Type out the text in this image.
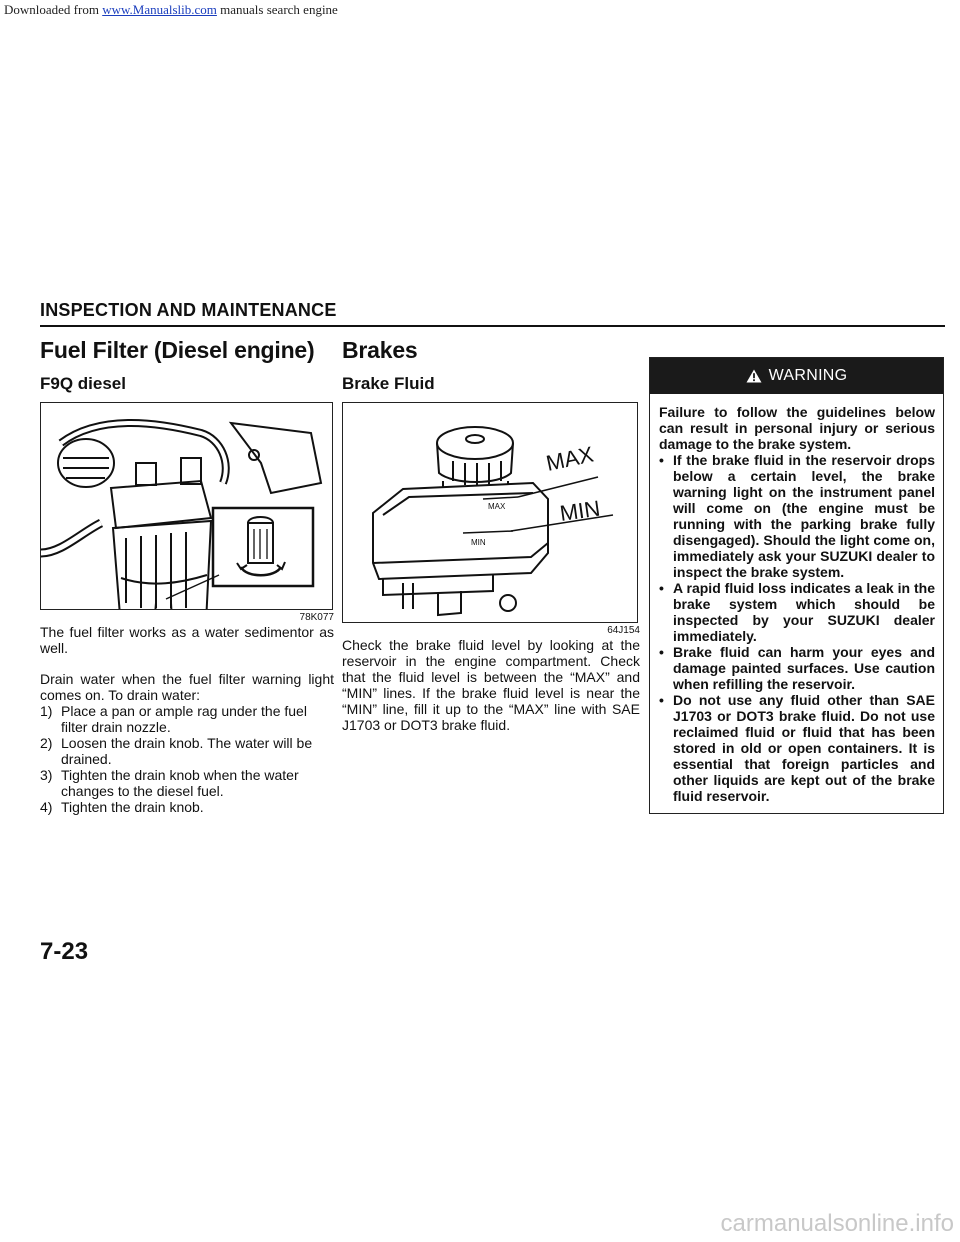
Downloaded from www.Manualslib.com manuals search engine
INSPECTION AND MAINTENANCE
Fuel Filter (Diesel engine)
F9Q diesel
78K077

The fuel filter works as a water sedimentor as well.

Drain water when the fuel filter warning light comes on. To drain water:

1) Place a pan or ample rag under the fuel filter drain nozzle.
2) Loosen the drain knob. The water will be drained.
3) Tighten the drain knob when the water changes to the diesel fuel.
4) Tighten the drain knob.
Brakes
Brake Fluid
MAX
MIN
MAX
MIN
64J154

Check the brake fluid level by looking at the reservoir in the engine compartment. Check that the fluid level is between the “MAX” and “MIN” lines. If the brake fluid level is near the “MIN” line, fill it up to the “MAX” line with SAE J1703 or DOT3 brake fluid.

WARNING
Failure to follow the guidelines below can result in personal injury or serious damage to the brake system.
• If the brake fluid in the reservoir drops below a certain level, the brake warning light on the instrument panel will come on (the engine must be running with the parking brake fully disengaged). Should the light come on, immediately ask your SUZUKI dealer to inspect the brake system.
• A rapid fluid loss indicates a leak in the brake system which should be inspected by your SUZUKI dealer immediately.
• Brake fluid can harm your eyes and damage painted surfaces. Use caution when refilling the reservoir.
• Do not use any fluid other than SAE J1703 or DOT3 brake fluid. Do not use reclaimed fluid or fluid that has been stored in old or open containers. It is essential that foreign particles and other liquids are kept out of the brake fluid reservoir.
7-23
carmanualsonline.info
